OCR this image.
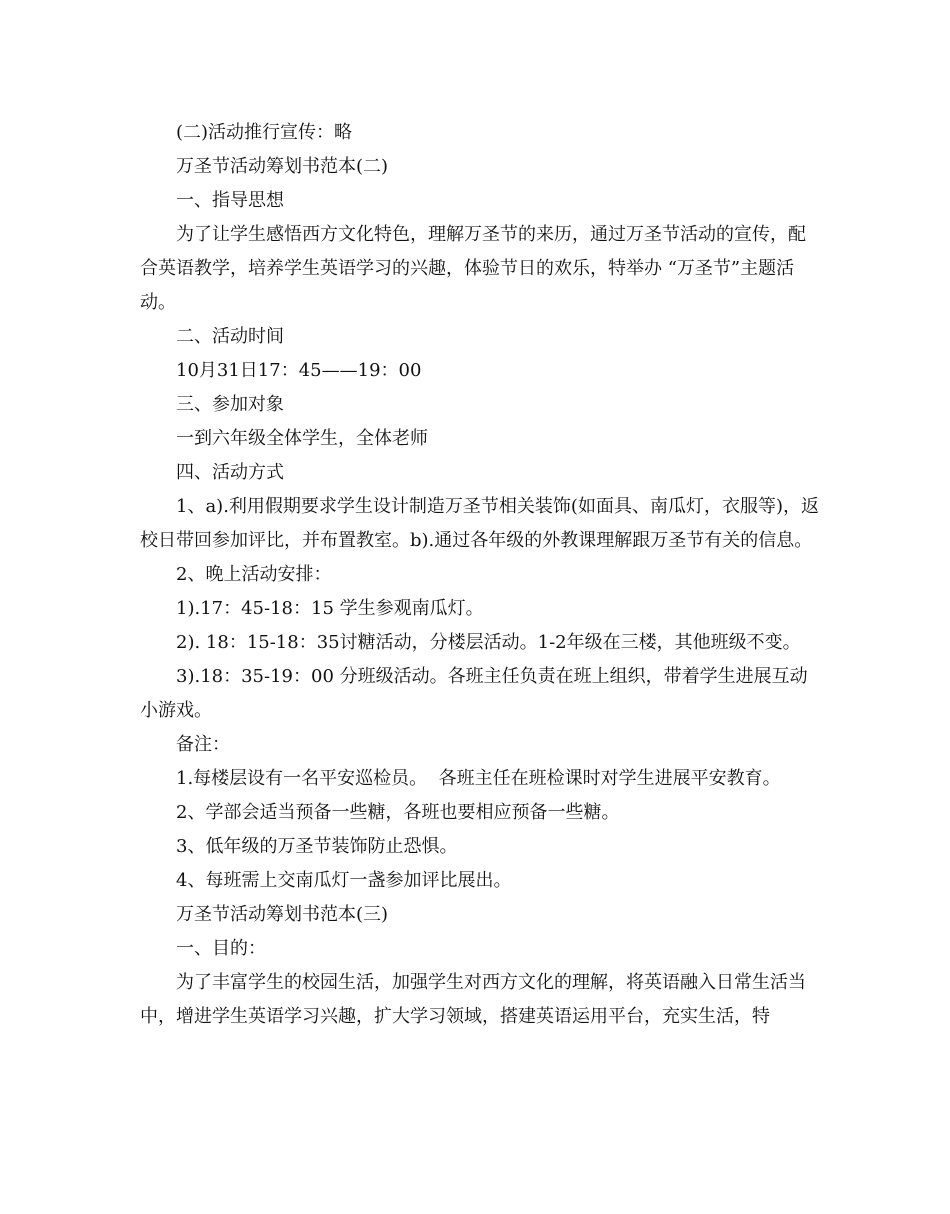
(二)活动推行宣传：略

万圣节活动筹划书范本(二)

一、指导思想

为了让学生感悟西方文化特色，理解万圣节的来历，通过万圣节活动的宣传，配合英语教学，培养学生英语学习的兴趣，体验节日的欢乐，特举办 “万圣节”主题活动。

二、活动时间

10月31日17：45——19：00

三、参加对象

一到六年级全体学生，全体老师

四、活动方式

1、a).利用假期要求学生设计制造万圣节相关装饰(如面具、南瓜灯，衣服等)，返校日带回参加评比，并布置教室。b).通过各年级的外教课理解跟万圣节有关的信息。

2、晚上活动安排：

1).17：45-18：15 学生参观南瓜灯。

2). 18：15-18：35讨糖活动，分楼层活动。1-2年级在三楼，其他班级不变。

3).18：35-19：00 分班级活动。各班主任负责在班上组织，带着学生进展互动小游戏。

备注：

1.每楼层设有一名平安巡检员。  各班主任在班检课时对学生进展平安教育。

2、学部会适当预备一些糖，各班也要相应预备一些糖。

3、低年级的万圣节装饰防止恐惧。

4、每班需上交南瓜灯一盏参加评比展出。

万圣节活动筹划书范本(三)

一、目的：

为了丰富学生的校园生活，加强学生对西方文化的理解，将英语融入日常生活当中，增进学生英语学习兴趣，扩大学习领域，搭建英语运用平台，充实生活，特
